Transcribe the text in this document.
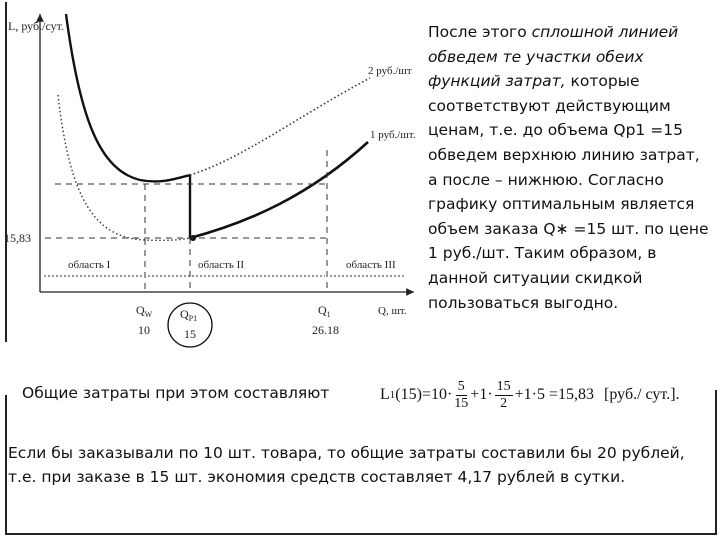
L, руб./сут.
Q, шт.
15,83
область I	область II	область III
2 руб./шт
1 руб./шт.
$Q_W$
10
$Q_{P1}$
15
$Q_1$
26.18
После этого сплошной линией обведем те участки обеих функций затрат, которые соответствуют действующим ценам, т.е. до объема Qр1 =15 обведем верхнюю линию затрат, а после – нижнюю. Согласно графику оптимальным является объем заказа Q∗ =15 шт. по цене 1 руб./шт. Таким образом, в данной ситуации скидкой пользоваться выгодно.
Общие затраты при этом составляют	L 1 $(15) =10\cdot \frac{5}{15} +1\cdot \frac{15}{2} +1\cdot 5 =15,83$ [руб./ сут.].
Если бы заказывали по 10 шт. товара, то общие затраты составили бы 20 рублей, т.е. при заказе в 15 шт. экономия средств составляет 4,17 рублей в сутки.
